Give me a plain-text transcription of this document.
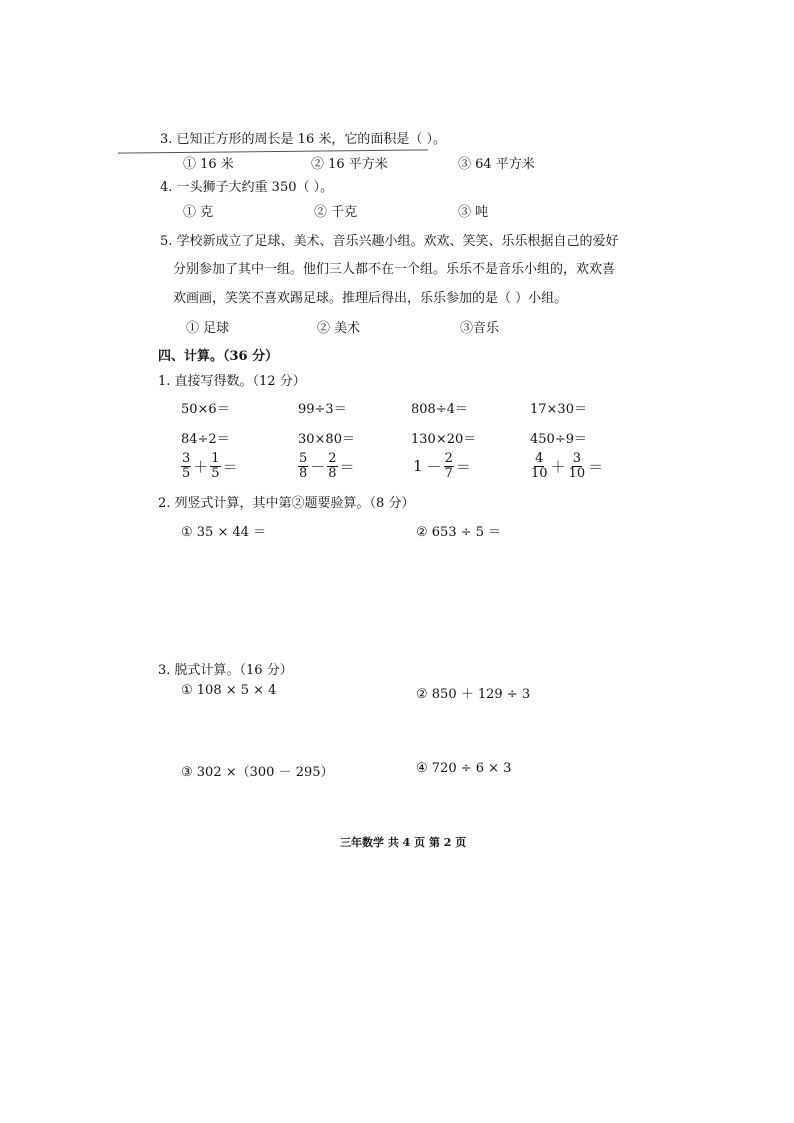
3. 已知正方形的周长是 16 米，它的面积是（ ）。
① 16 米	② 16 平方米	③ 64 平方米
4. 一头狮子大约重 350（ ）。
① 克	② 千克	③ 吨
5. 学校新成立了足球、美术、音乐兴趣小组。欢欢、笑笑、乐乐根据自己的爱好
分别参加了其中一组。他们三人都不在一个组。乐乐不是音乐小组的，欢欢喜
欢画画，笑笑不喜欢踢足球。推理后得出，乐乐参加的是（ ）小组。
① 足球	② 美术	③音乐
四、计算。（36 分）
1. 直接写得数。（12 分）
50×6＝	99÷3＝	808÷4＝	17×30＝
84÷2＝	30×80＝	130×20＝	450÷9＝
$\frac{3}{5} + \frac{1}{5}$ ＝	$\frac{5}{8} - \frac{2}{8}$ ＝	$1 - \frac{2}{7}$ ＝	$\frac{4}{10} + \frac{3}{10}$ ＝
2. 列竖式计算，其中第②题要验算。（8 分）
① 35 × 44 ＝	② 653 ÷ 5 ＝
3. 脱式计算。（16 分）
① 108 × 5 × 4	② 850 ＋ 129 ÷ 3
③ 302 ×（300 － 295）	④ 720 ÷ 6 × 3
三年数学 共 4 页 第 2 页
